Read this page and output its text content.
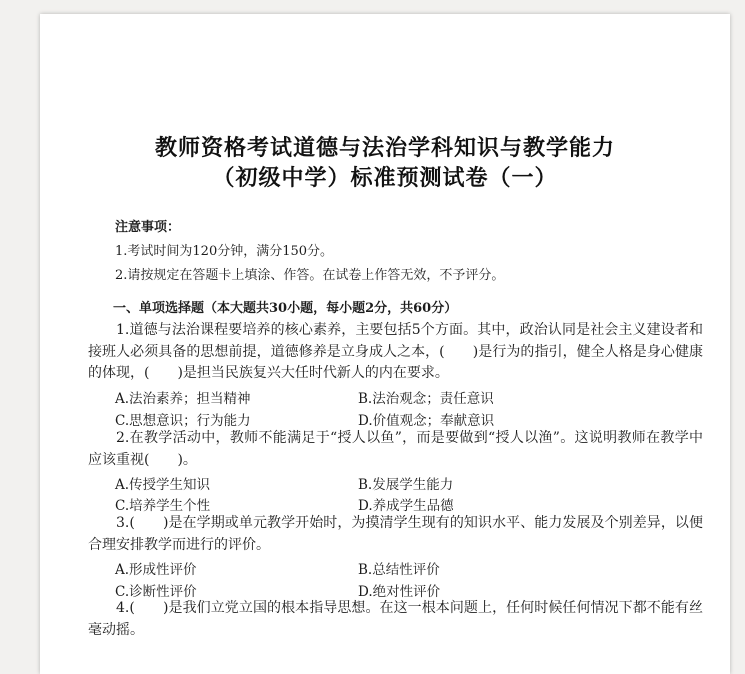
教师资格考试道德与法治学科知识与教学能力
（初级中学）标准预测试卷（一）
注意事项：
1.考试时间为120分钟，满分150分。
2.请按规定在答题卡上填涂、作答。在试卷上作答无效，不予评分。
一、单项选择题（本大题共30小题，每小题2分，共60分）
1.道德与法治课程要培养的核心素养，主要包括5个方面。其中，政治认同是社会主义建设者和接班人必须具备的思想前提，道德修养是立身成人之本，(　　)是行为的指引，健全人格是身心健康的体现，(　　)是担当民族复兴大任时代新人的内在要求。
A.法治素养；担当精神	B.法治观念；责任意识
C.思想意识；行为能力	D.价值观念；奉献意识
2.在教学活动中，教师不能满足于“授人以鱼”，而是要做到“授人以渔”。这说明教师在教学中应该重视(　　)。
A.传授学生知识	B.发展学生能力
C.培养学生个性	D.养成学生品德
3.(　　)是在学期或单元教学开始时，为摸清学生现有的知识水平、能力发展及个别差异，以便合理安排教学而进行的评价。
A.形成性评价	B.总结性评价
C.诊断性评价	D.绝对性评价
4.(　　)是我们立党立国的根本指导思想。在这一根本问题上，任何时候任何情况下都不能有丝毫动摇。
